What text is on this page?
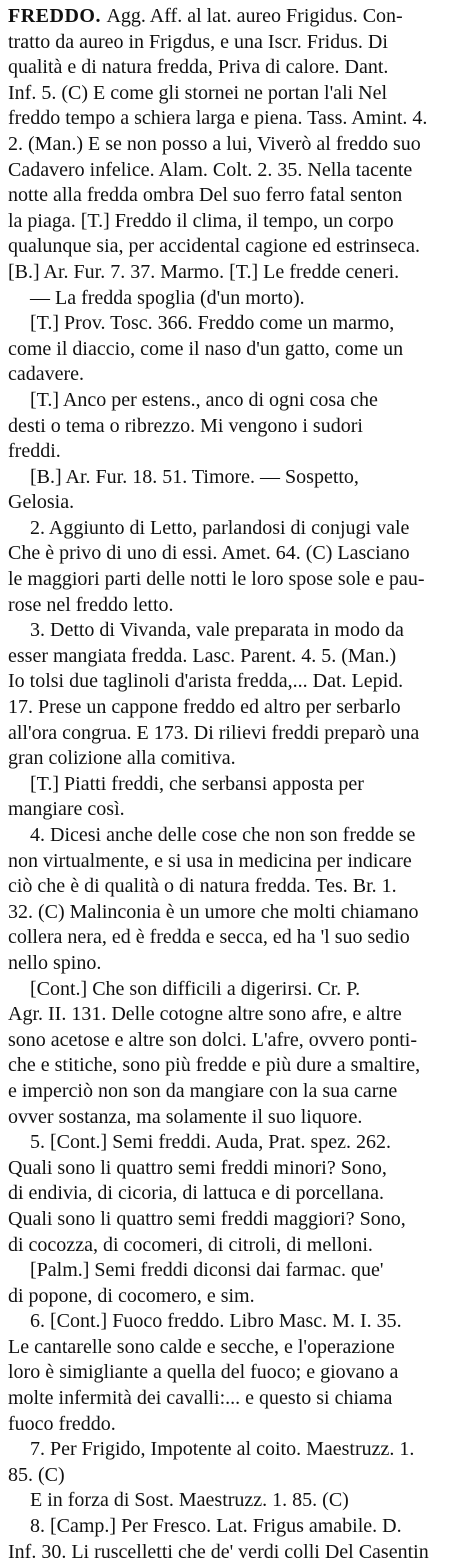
FREDDO. Agg. Aff. al lat. aureo Frigidus. Con-
tratto da aureo in Frigdus, e una Iscr. Fridus. Di
qualità e di natura fredda, Priva di calore. Dant.
Inf. 5. (C) E come gli stornei ne portan l'ali Nel
freddo tempo a schiera larga e piena. Tass. Amint. 4.
2. (Man.) E se non posso a lui, Viverò al freddo suo
Cadavero infelice. Alam. Colt. 2. 35. Nella tacente
notte alla fredda ombra Del suo ferro fatal senton
la piaga. [T.] Freddo il clima, il tempo, un corpo
qualunque sia, per accidental cagione ed estrinseca.
[B.] Ar. Fur. 7. 37. Marmo. [T.] Le fredde ceneri.
— La fredda spoglia (d'un morto).
[T.] Prov. Tosc. 366. Freddo come un marmo,
come il diaccio, come il naso d'un gatto, come un
cadavere.
[T.] Anco per estens., anco di ogni cosa che
desti o tema o ribrezzo. Mi vengono i sudori
freddi.
[B.] Ar. Fur. 18. 51. Timore. — Sospetto,
Gelosia.
2. Aggiunto di Letto, parlandosi di conjugi vale
Che è privo di uno di essi. Amet. 64. (C) Lasciano
le maggiori parti delle notti le loro spose sole e pau-
rose nel freddo letto.
3. Detto di Vivanda, vale preparata in modo da
esser mangiata fredda. Lasc. Parent. 4. 5. (Man.)
Io tolsi due taglinoli d'arista fredda,... Dat. Lepid.
17. Prese un cappone freddo ed altro per serbarlo
all'ora congrua. E 173. Di rilievi freddi preparò una
gran colizione alla comitiva.
[T.] Piatti freddi, che serbansi apposta per
mangiare così.
4. Dicesi anche delle cose che non son fredde se
non virtualmente, e si usa in medicina per indicare
ciò che è di qualità o di natura fredda. Tes. Br. 1.
32. (C) Malinconia è un umore che molti chiamano
collera nera, ed è fredda e secca, ed ha 'l suo sedio
nello spino.
[Cont.] Che son difficili a digerirsi. Cr. P.
Agr. II. 131. Delle cotogne altre sono afre, e altre
sono acetose e altre son dolci. L'afre, ovvero ponti-
che e stitiche, sono più fredde e più dure a smaltire,
e imperciò non son da mangiare con la sua carne
ovver sostanza, ma solamente il suo liquore.
5. [Cont.] Semi freddi. Auda, Prat. spez. 262.
Quali sono li quattro semi freddi minori? Sono,
di endivia, di cicoria, di lattuca e di porcellana.
Quali sono li quattro semi freddi maggiori? Sono,
di cocozza, di cocomeri, di citroli, di melloni.
[Palm.] Semi freddi diconsi dai farmac. que'
di popone, di cocomero, e sim.
6. [Cont.] Fuoco freddo. Libro Masc. M. I. 35.
Le cantarelle sono calde e secche, e l'operazione
loro è simigliante a quella del fuoco; e giovano a
molte infermità dei cavalli:... e questo si chiama
fuoco freddo.
7. Per Frigido, Impotente al coito. Maestruzz. 1.
85. (C)
E in forza di Sost. Maestruzz. 1. 85. (C)
8. [Camp.] Per Fresco. Lat. Frigus amabile. D.
Inf. 30. Li ruscelletti che de' verdi colli Del Casentin
